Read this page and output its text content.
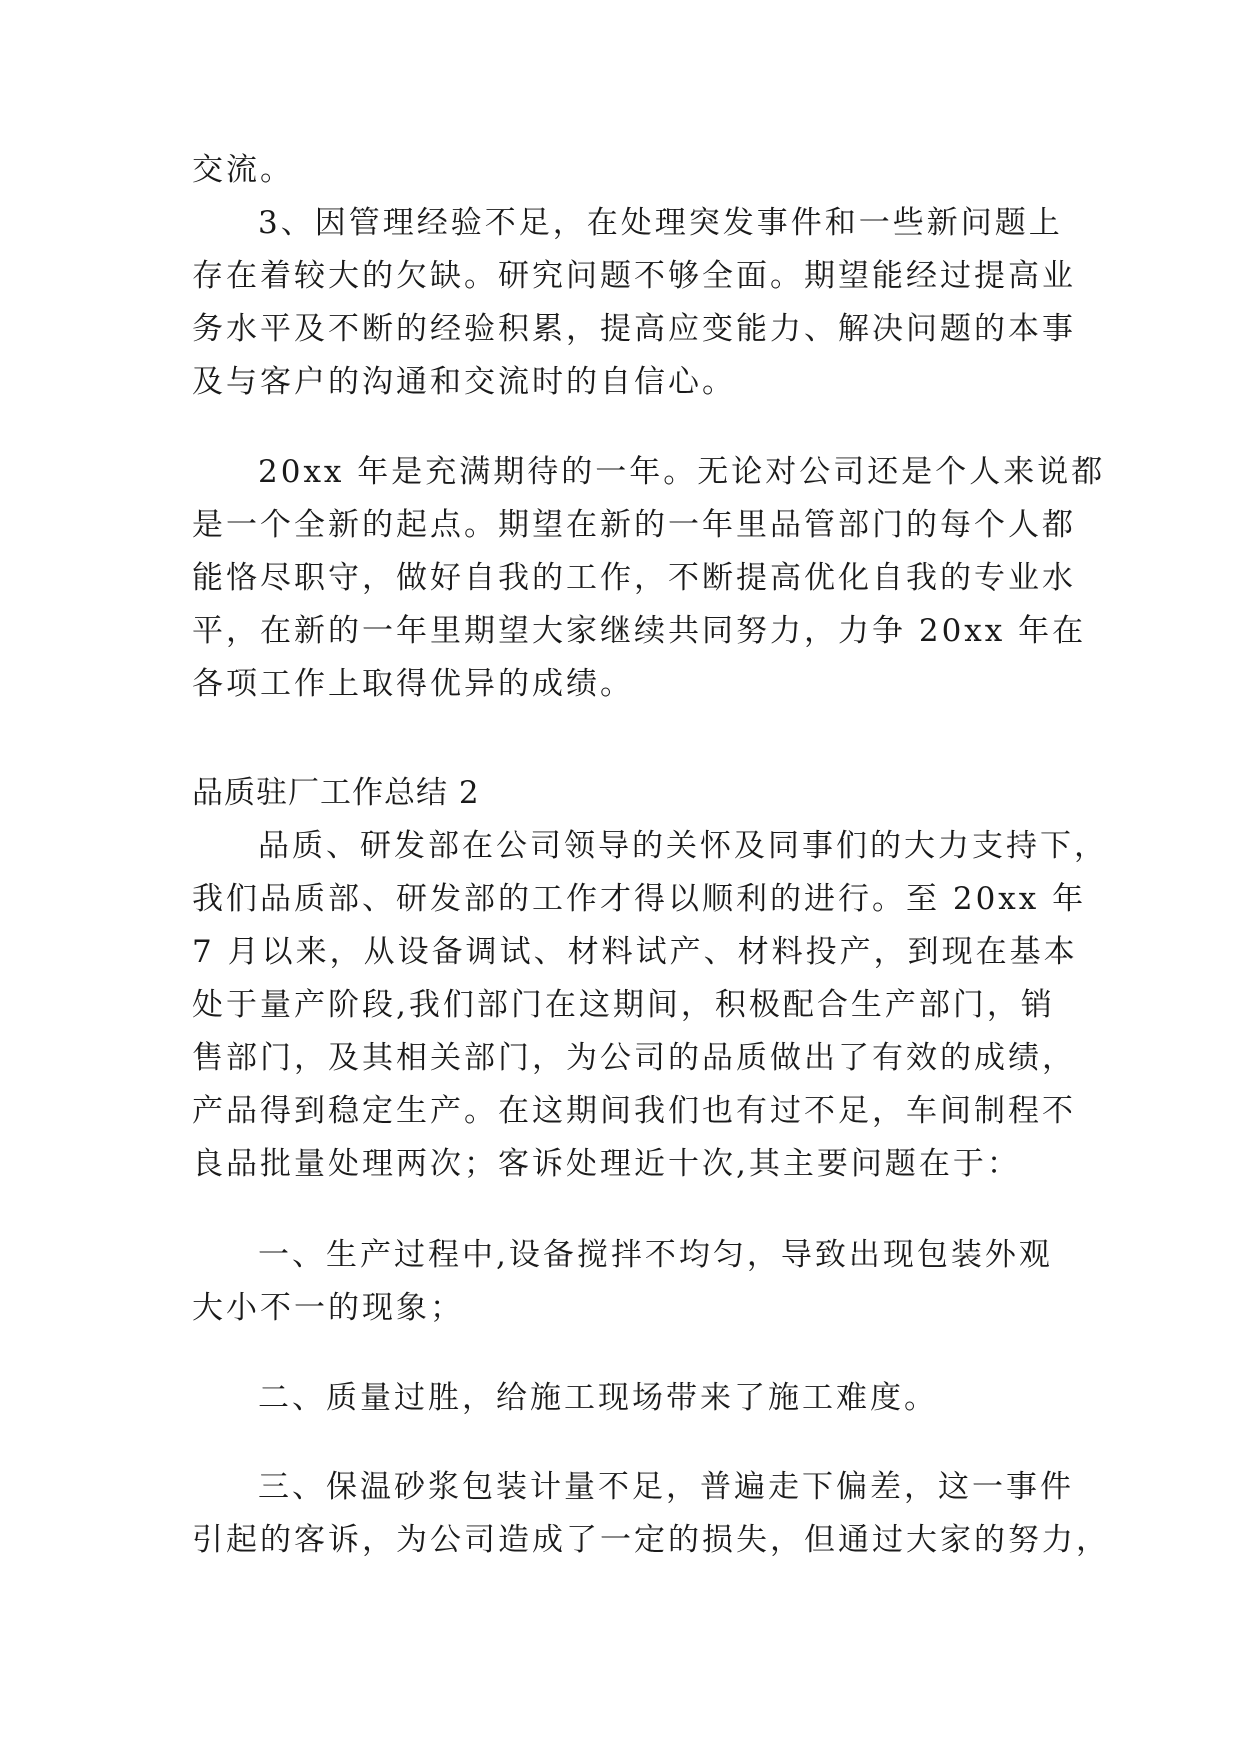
交流。
3、因管理经验不足，在处理突发事件和一些新问题上
存在着较大的欠缺。研究问题不够全面。期望能经过提高业
务水平及不断的经验积累，提高应变能力、解决问题的本事
及与客户的沟通和交流时的自信心。
20xx 年是充满期待的一年。无论对公司还是个人来说都
是一个全新的起点。期望在新的一年里品管部门的每个人都
能恪尽职守，做好自我的工作，不断提高优化自我的专业水
平，在新的一年里期望大家继续共同努力，力争 20xx 年在
各项工作上取得优异的成绩。
品质驻厂工作总结 2
品质、研发部在公司领导的关怀及同事们的大力支持下，
我们品质部、研发部的工作才得以顺利的进行。至 20xx 年
7 月以来，从设备调试、材料试产、材料投产，到现在基本
处于量产阶段,我们部门在这期间，积极配合生产部门，销
售部门，及其相关部门，为公司的品质做出了有效的成绩，
产品得到稳定生产。在这期间我们也有过不足，车间制程不
良品批量处理两次；客诉处理近十次,其主要问题在于：
一、生产过程中,设备搅拌不均匀，导致出现包装外观
大小不一的现象；
二、质量过胜，给施工现场带来了施工难度。
三、保温砂浆包装计量不足，普遍走下偏差，这一事件
引起的客诉，为公司造成了一定的损失，但通过大家的努力，
